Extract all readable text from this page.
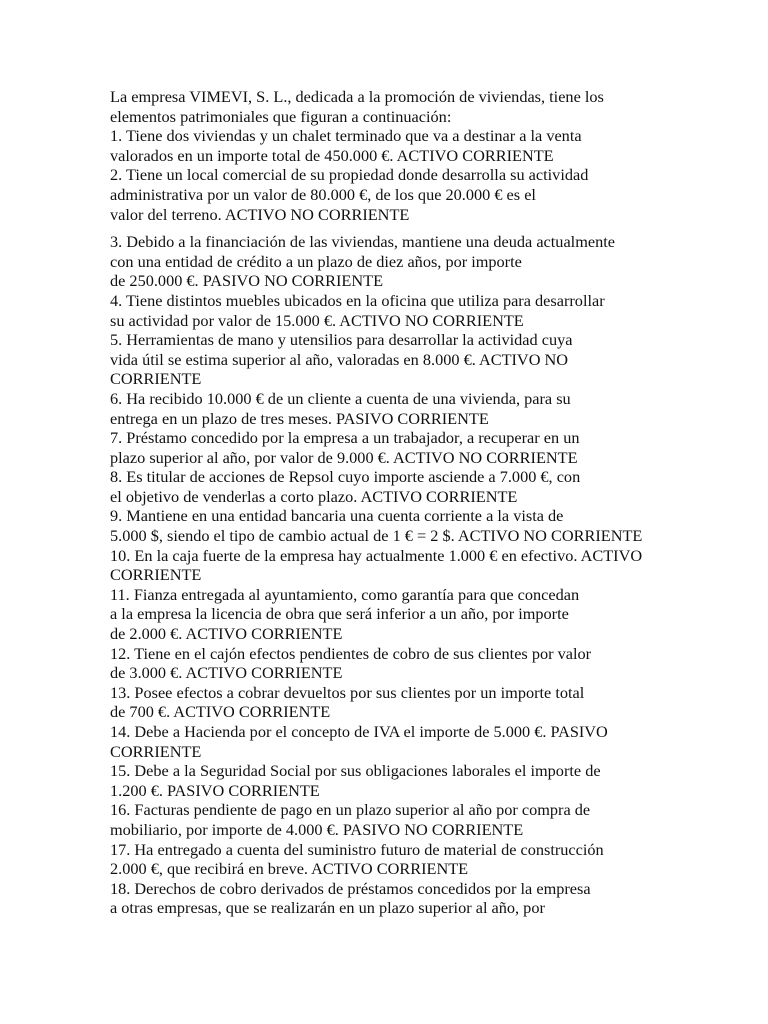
La empresa VIMEVI, S. L., dedicada a la promoción de viviendas, tiene los
elementos patrimoniales que figuran a continuación:
1. Tiene dos viviendas y un chalet terminado que va a destinar a la venta
valorados en un importe total de 450.000 €. ACTIVO CORRIENTE
2. Tiene un local comercial de su propiedad donde desarrolla su actividad
administrativa por un valor de 80.000 €, de los que 20.000 € es el
valor del terreno. ACTIVO NO CORRIENTE
3. Debido a la financiación de las viviendas, mantiene una deuda actualmente
con una entidad de crédito a un plazo de diez años, por importe
de 250.000 €. PASIVO NO CORRIENTE
4. Tiene distintos muebles ubicados en la oficina que utiliza para desarrollar
su actividad por valor de 15.000 €. ACTIVO NO CORRIENTE
5. Herramientas de mano y utensilios para desarrollar la actividad cuya
vida útil se estima superior al año, valoradas en 8.000 €. ACTIVO NO
CORRIENTE
6. Ha recibido 10.000 € de un cliente a cuenta de una vivienda, para su
entrega en un plazo de tres meses. PASIVO CORRIENTE
7. Préstamo concedido por la empresa a un trabajador, a recuperar en un
plazo superior al año, por valor de 9.000 €. ACTIVO NO CORRIENTE
8. Es titular de acciones de Repsol cuyo importe asciende a 7.000 €, con
el objetivo de venderlas a corto plazo. ACTIVO CORRIENTE
9. Mantiene en una entidad bancaria una cuenta corriente a la vista de
5.000 $, siendo el tipo de cambio actual de 1 € = 2 $. ACTIVO NO CORRIENTE
10. En la caja fuerte de la empresa hay actualmente 1.000 € en efectivo. ACTIVO
CORRIENTE
11. Fianza entregada al ayuntamiento, como garantía para que concedan
a la empresa la licencia de obra que será inferior a un año, por importe
de 2.000 €. ACTIVO CORRIENTE
12. Tiene en el cajón efectos pendientes de cobro de sus clientes por valor
de 3.000 €. ACTIVO CORRIENTE
13. Posee efectos a cobrar devueltos por sus clientes por un importe total
de 700 €. ACTIVO CORRIENTE
14. Debe a Hacienda por el concepto de IVA el importe de 5.000 €. PASIVO
CORRIENTE
15. Debe a la Seguridad Social por sus obligaciones laborales el importe de
1.200 €. PASIVO CORRIENTE
16. Facturas pendiente de pago en un plazo superior al año por compra de
mobiliario, por importe de 4.000 €. PASIVO NO CORRIENTE
17. Ha entregado a cuenta del suministro futuro de material de construcción
2.000 €, que recibirá en breve. ACTIVO CORRIENTE
18. Derechos de cobro derivados de préstamos concedidos por la empresa
a otras empresas, que se realizarán en un plazo superior al año, por
